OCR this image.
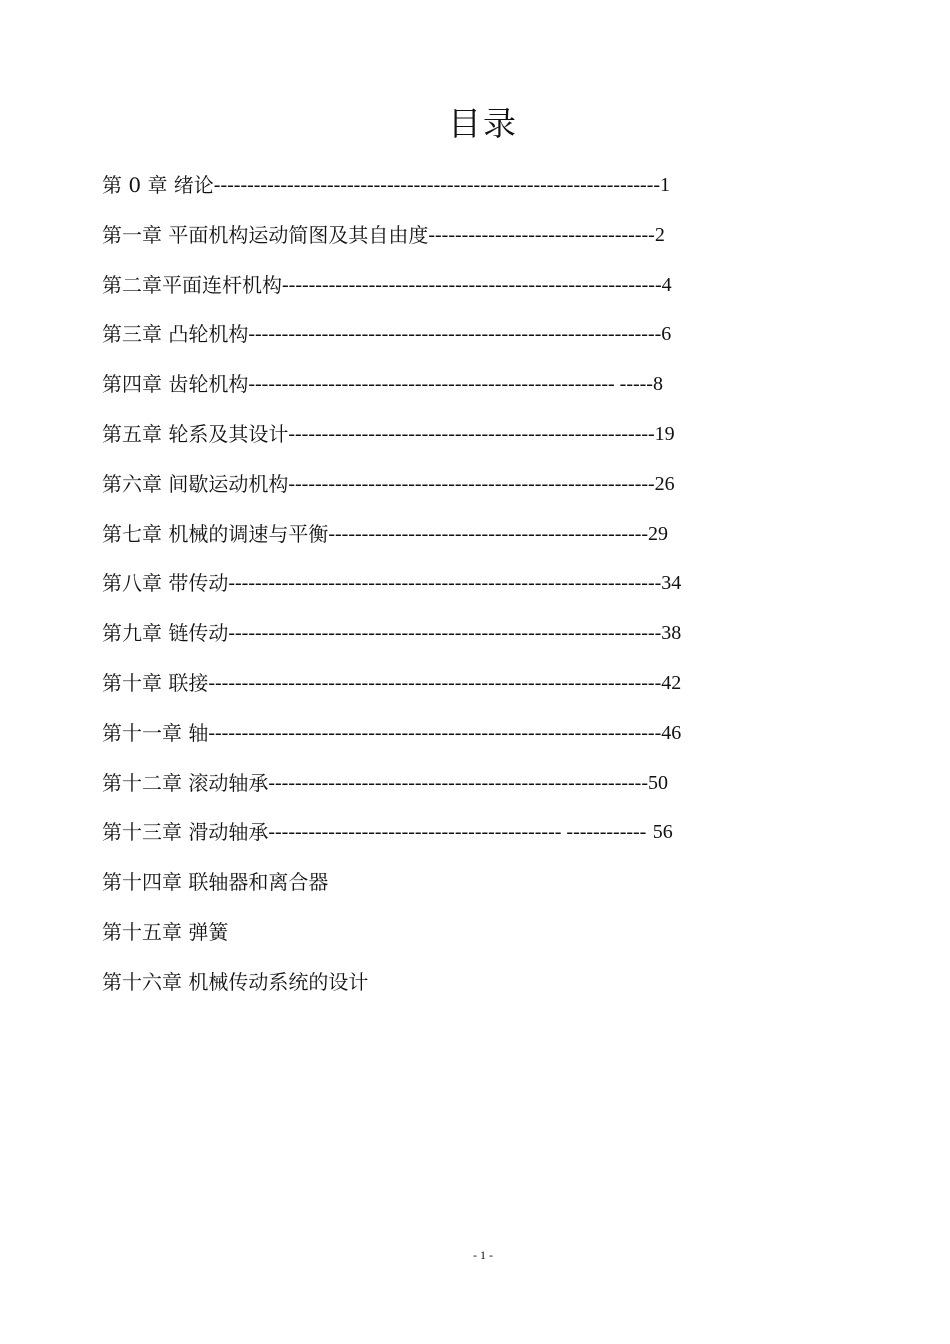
目录
第 0 章 绪论-------------------------------------------------------------------1
第一章 平面机构运动简图及其自由度----------------------------------2
第二章平面连杆机构---------------------------------------------------------4
第三章 凸轮机构--------------------------------------------------------------6
第四章 齿轮机构------------------------------------------------------- -----8
第五章 轮系及其设计-------------------------------------------------------19
第六章 间歇运动机构-------------------------------------------------------26
第七章 机械的调速与平衡------------------------------------------------29
第八章 带传动-----------------------------------------------------------------34
第九章 链传动-----------------------------------------------------------------38
第十章 联接--------------------------------------------------------------------42
第十一章 轴--------------------------------------------------------------------46
第十二章 滚动轴承---------------------------------------------------------50
第十三章 滑动轴承-------------------------------------------- ------------ 56
第十四章 联轴器和离合器
第十五章 弹簧
第十六章 机械传动系统的设计
- 1 -
